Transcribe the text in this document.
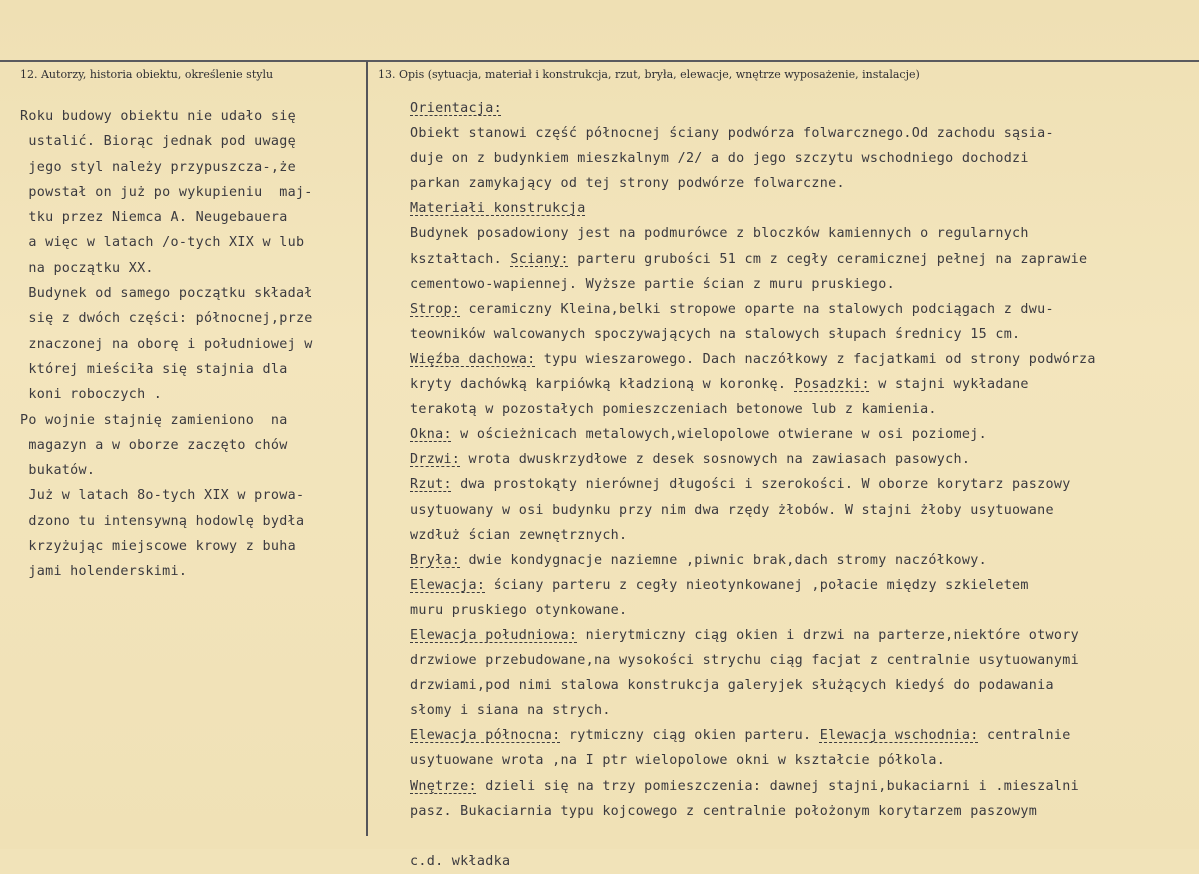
12. Autorzy, historia obiektu, określenie stylu	13. Opis (sytuacja, materiał i konstrukcja, rzut, bryła, elewacje, wnętrze wyposażenie, instalacje)
Roku budowy obiektu nie udało się
ustalić. Biorąc jednak pod uwagę
jego styl należy przypuszcza-,że
powstał on już po wykupieniu  maj-
tku przez Niemca A. Neugebauera
a więc w latach /o-tych XIX w lub
na początku XX.
Budynek od samego początku składał
się z dwóch części: północnej,prze
znaczonej na oborę i południowej w
której mieściła się stajnia dla
koni roboczych .
Po wojnie stajnię zamieniono  na
magazyn a w oborze zaczęto chów
bukatów.
Już w latach 8o-tych XIX w prowa-
dzono tu intensywną hodowlę bydła
krzyżując miejscowe krowy z buha
jami holenderskimi.
Orientacja:
Obiekt stanowi część północnej ściany podwórza folwarcznego.Od zachodu sąsia-
duje on z budynkiem mieszkalnym /2/ a do jego szczytu wschodniego dochodzi
parkan zamykający od tej strony podwórze folwarczne.
Materiałi konstrukcja
Budynek posadowiony jest na podmurówce z bloczków kamiennych o regularnych
kształtach. Sciany: parteru grubości 51 cm z cegły ceramicznej pełnej na zaprawie
cementowo-wapiennej. Wyższe partie ścian z muru pruskiego.
Strop: ceramiczny Kleina,belki stropowe oparte na stalowych podciągach z dwu-
teowników walcowanych spoczywających na stalowych słupach średnicy 15 cm.
Więźba dachowa: typu wieszarowego. Dach naczółkowy z facjatkami od strony podwórza
kryty dachówką karpiówką kładzioną w koronkę. Posadzki: w stajni wykładane
terakotą w pozostałych pomieszczeniach betonowe lub z kamienia.
Okna: w ościeżnicach metalowych,wielopolowe otwierane w osi poziomej.
Drzwi: wrota dwuskrzydłowe z desek sosnowych na zawiasach pasowych.
Rzut: dwa prostokąty nierównej długości i szerokości. W oborze korytarz paszowy
usytuowany w osi budynku przy nim dwa rzędy żłobów. W stajni żłoby usytuowane
wzdłuż ścian zewnętrznych.
Bryła: dwie kondygnacje naziemne ,piwnic brak,dach stromy naczółkowy.
Elewacja: ściany parteru z cegły nieotynkowanej ,połacie między szkieletem
muru pruskiego otynkowane.
Elewacja południowa: nierytmiczny ciąg okien i drzwi na parterze,niektóre otwory
drzwiowe przebudowane,na wysokości strychu ciąg facjat z centralnie usytuowanymi
drzwiami,pod nimi stalowa konstrukcja galeryjek służących kiedyś do podawania
słomy i siana na strych.
Elewacja północna: rytmiczny ciąg okien parteru. Elewacja wschodnia: centralnie
usytuowane wrota ,na I ptr wielopolowe okni w kształcie półkola.
Wnętrze: dzieli się na trzy pomieszczenia: dawnej stajni,bukaciarni i .mieszalni
pasz. Bukaciarnia typu kojcowego z centralnie położonym korytarzem paszowym
c.d. wkładka
